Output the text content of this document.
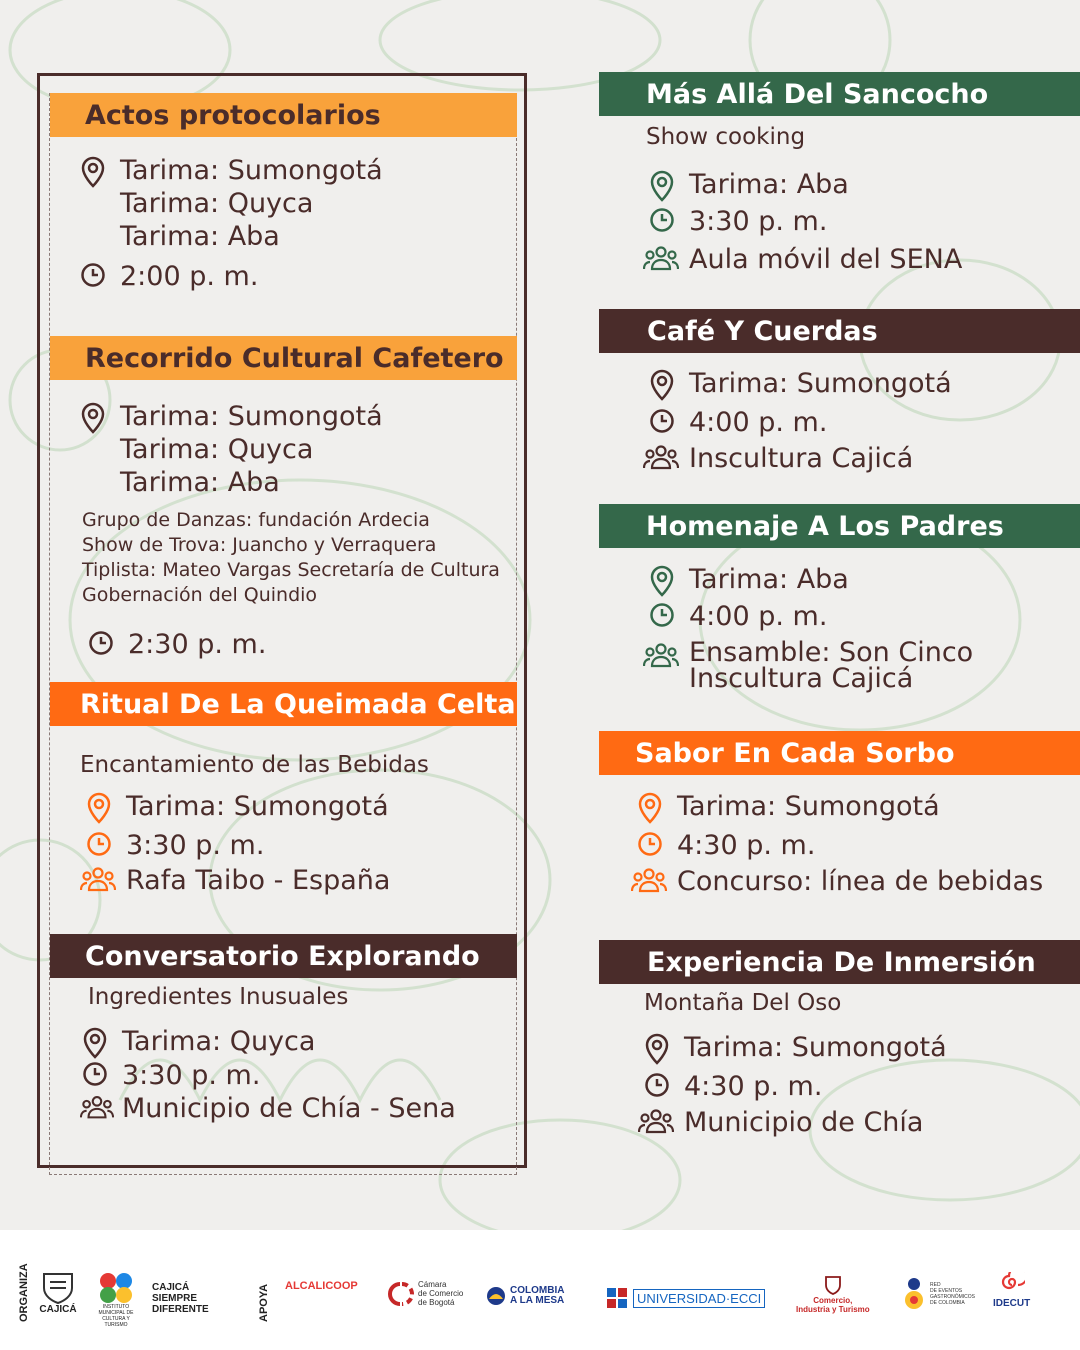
Actos protocolarios
Tarima: Sumongotá
Tarima: Quyca
Tarima: Aba
2:00 p. m.
Recorrido Cultural Cafetero
Tarima: Sumongotá
Tarima: Quyca
Tarima: Aba
Grupo de Danzas: fundación Ardecia
Show de Trova: Juancho y Verraquera
Tiplista: Mateo Vargas Secretaría de Cultura
Gobernación del Quindio
2:30 p. m.
Ritual De La Queimada Celta
Encantamiento de las Bebidas
Tarima: Sumongotá
3:30 p. m.
Rafa Taibo - España
Conversatorio Explorando
Ingredientes Inusuales
Tarima: Quyca
3:30 p. m.
Municipio de Chía - Sena
Más Allá Del Sancocho
Show cooking
Tarima: Aba
3:30 p. m.
Aula móvil del SENA
Café Y Cuerdas
Tarima: Sumongotá
4:00 p. m.
Inscultura Cajicá
Homenaje A Los Padres
Tarima: Aba
4:00 p. m.
Ensamble: Son Cinco
Inscultura Cajicá
Sabor En Cada Sorbo
Tarima: Sumongotá
4:30 p. m.
Concurso: línea de bebidas
Experiencia De Inmersión
Montaña Del Oso
Tarima: Sumongotá
4:30 p. m.
Municipio de Chía
ORGANIZA CAJICÁ	INSTITUTO MUNICIPAL DE CULTURA Y TURISMO
CAJICÁ
SIEMPRE
DIFERENTE	APOYA ALCALICOOP	Cámara
de Comercio
de Bogotá
COLOMBIA
A LA MESA	UNIVERSIDAD·ECCI	Comercio,
Industria y Turismo
RED
DE EVENTOS
GASTRONÓMICOS
DE COLOMBIA	IDECUT
